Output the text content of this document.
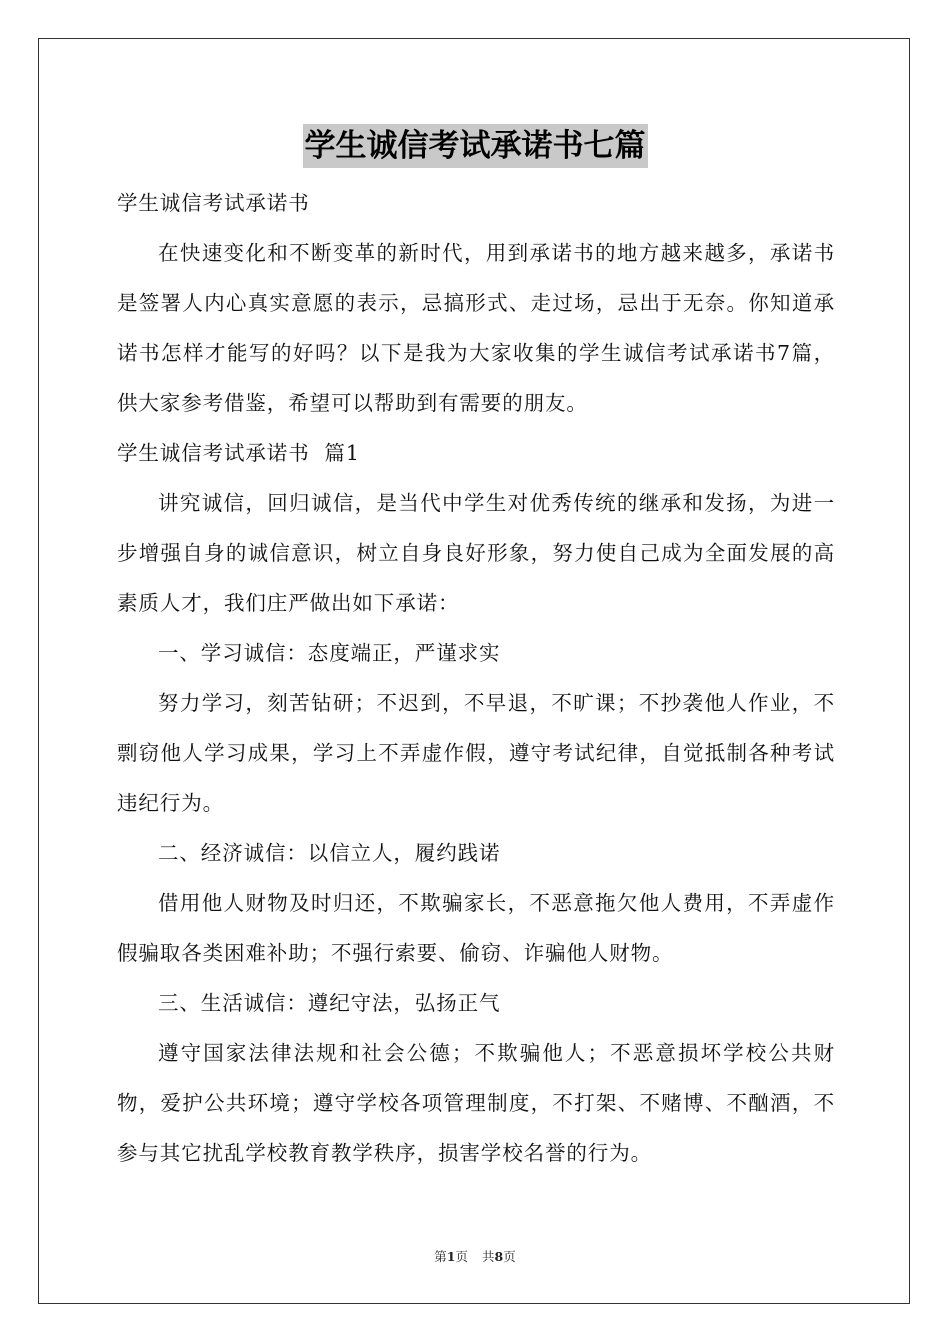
学生诚信考试承诺书七篇

学生诚信考试承诺书

在快速变化和不断变革的新时代，用到承诺书的地方越来越多，承诺书是签署人内心真实意愿的表示，忌搞形式、走过场，忌出于无奈。你知道承诺书怎样才能写的好吗？以下是我为大家收集的学生诚信考试承诺书7篇，供大家参考借鉴，希望可以帮助到有需要的朋友。

学生诚信考试承诺书  篇1

讲究诚信，回归诚信，是当代中学生对优秀传统的继承和发扬，为进一步增强自身的诚信意识，树立自身良好形象，努力使自己成为全面发展的高素质人才，我们庄严做出如下承诺：

一、学习诚信：态度端正，严谨求实

努力学习，刻苦钻研；不迟到，不早退，不旷课；不抄袭他人作业，不剽窃他人学习成果，学习上不弄虚作假，遵守考试纪律，自觉抵制各种考试违纪行为。

二、经济诚信：以信立人，履约践诺

借用他人财物及时归还，不欺骗家长，不恶意拖欠他人费用，不弄虚作假骗取各类困难补助；不强行索要、偷窃、诈骗他人财物。

三、生活诚信：遵纪守法，弘扬正气

遵守国家法律法规和社会公德；不欺骗他人；不恶意损坏学校公共财物，爱护公共环境；遵守学校各项管理制度，不打架、不赌博、不酗酒，不参与其它扰乱学校教育教学秩序，损害学校名誉的行为。

第1页 共8页
